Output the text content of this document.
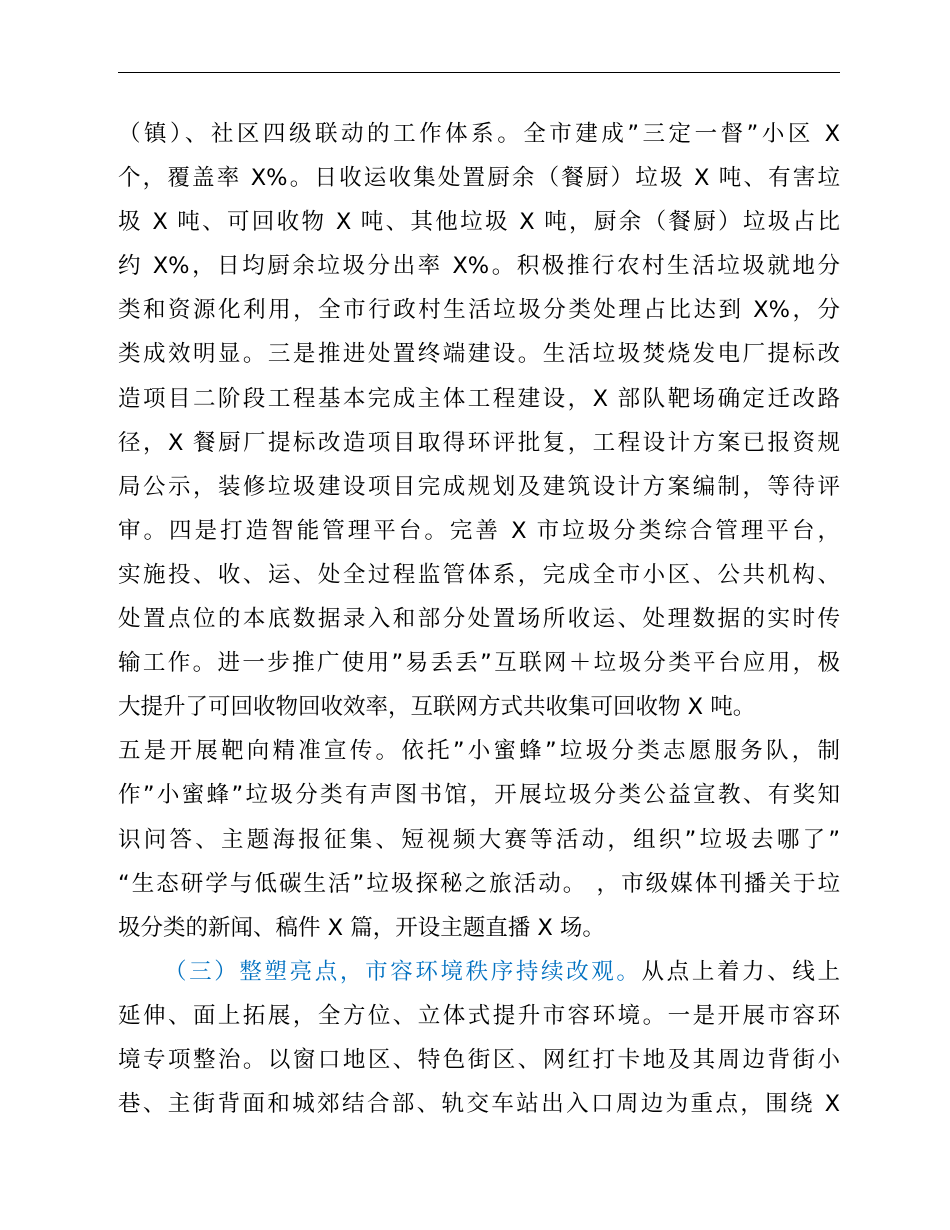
（镇）、社区四级联动的工作体系。全市建成”三定一督”小区 X
个，覆盖率 X%。日收运收集处置厨余（餐厨）垃圾 X 吨、有害垃
圾 X 吨、可回收物 X 吨、其他垃圾 X 吨，厨余（餐厨）垃圾占比
约 X%，日均厨余垃圾分出率 X%。积极推行农村生活垃圾就地分
类和资源化利用，全市行政村生活垃圾分类处理占比达到 X%，分
类成效明显。三是推进处置终端建设。生活垃圾焚烧发电厂提标改
造项目二阶段工程基本完成主体工程建设，X 部队靶场确定迁改路
径，X 餐厨厂提标改造项目取得环评批复，工程设计方案已报资规
局公示，装修垃圾建设项目完成规划及建筑设计方案编制，等待评
审。四是打造智能管理平台。完善 X 市垃圾分类综合管理平台，
实施投、收、运、处全过程监管体系，完成全市小区、公共机构、
处置点位的本底数据录入和部分处置场所收运、处理数据的实时传
输工作。进一步推广使用”易丢丢”互联网＋垃圾分类平台应用，极
大提升了可回收物回收效率，互联网方式共收集可回收物 X 吨。
五是开展靶向精准宣传。依托”小蜜蜂”垃圾分类志愿服务队，制
作”小蜜蜂”垃圾分类有声图书馆，开展垃圾分类公益宣教、有奖知
识问答、主题海报征集、短视频大赛等活动，组织”垃圾去哪了”
“生态研学与低碳生活”垃圾探秘之旅活动。 ，市级媒体刊播关于垃
圾分类的新闻、稿件 X 篇，开设主题直播 X 场。
（三）整塑亮点，市容环境秩序持续改观。从点上着力、线上
延伸、面上拓展，全方位、立体式提升市容环境。一是开展市容环
境专项整治。以窗口地区、特色街区、网红打卡地及其周边背街小
巷、主街背面和城郊结合部、轨交车站出入口周边为重点，围绕 X
